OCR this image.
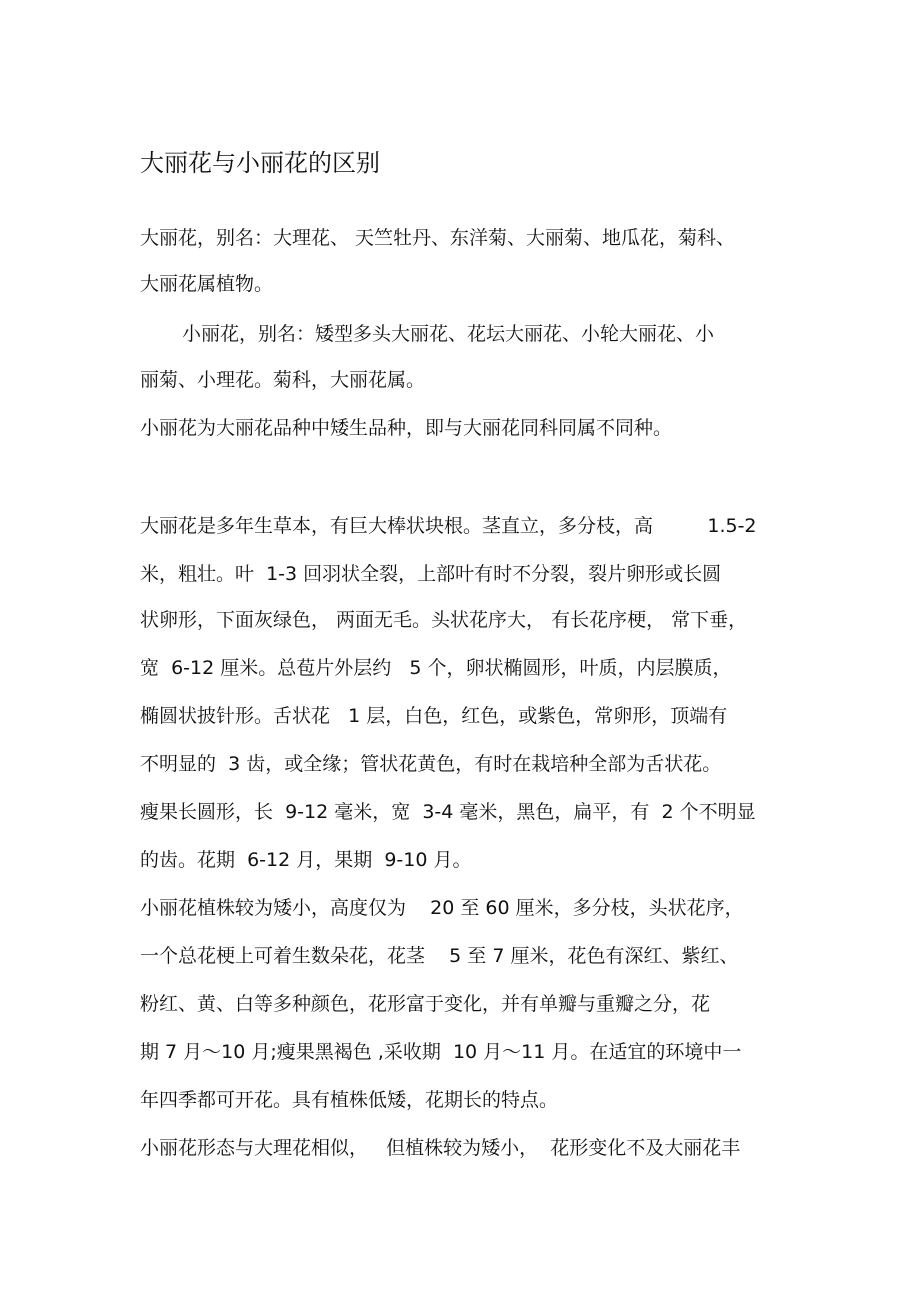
大丽花与小丽花的区别
大丽花，别名：大理花、 天竺牡丹、东洋菊、大丽菊、地瓜花，菊科、
大丽花属植物。
小丽花，别名：矮型多头大丽花、花坛大丽花、小轮大丽花、小
丽菊、小理花。菊科，大丽花属。
小丽花为大丽花品种中矮生品种，即与大丽花同科同属不同种。
大丽花是多年生草本，有巨大棒状块根。茎直立，多分枝，高         1.5-2
米，粗壮。叶  1-3 回羽状全裂，上部叶有时不分裂，裂片卵形或长圆
状卵形，下面灰绿色， 两面无毛。头状花序大， 有长花序梗， 常下垂，
宽  6-12 厘米。总苞片外层约   5 个，卵状椭圆形，叶质，内层膜质，
椭圆状披针形。舌状花   1 层，白色，红色，或紫色，常卵形，顶端有
不明显的  3 齿，或全缘；管状花黄色，有时在栽培种全部为舌状花。
瘦果长圆形，长  9-12 毫米，宽  3-4 毫米，黑色，扁平，有  2 个不明显
的齿。花期  6-12 月，果期  9-10 月。
小丽花植株较为矮小，高度仅为    20 至 60 厘米，多分枝，头状花序，
一个总花梗上可着生数朵花，花茎    5 至 7 厘米，花色有深红、紫红、
粉红、黄、白等多种颜色，花形富于变化，并有单瓣与重瓣之分，花
期 7 月～10 月;瘦果黑褐色 ,采收期  10 月～11 月。在适宜的环境中一
年四季都可开花。具有植株低矮，花期长的特点。
小丽花形态与大理花相似，   但植株较为矮小，  花形变化不及大丽花丰
